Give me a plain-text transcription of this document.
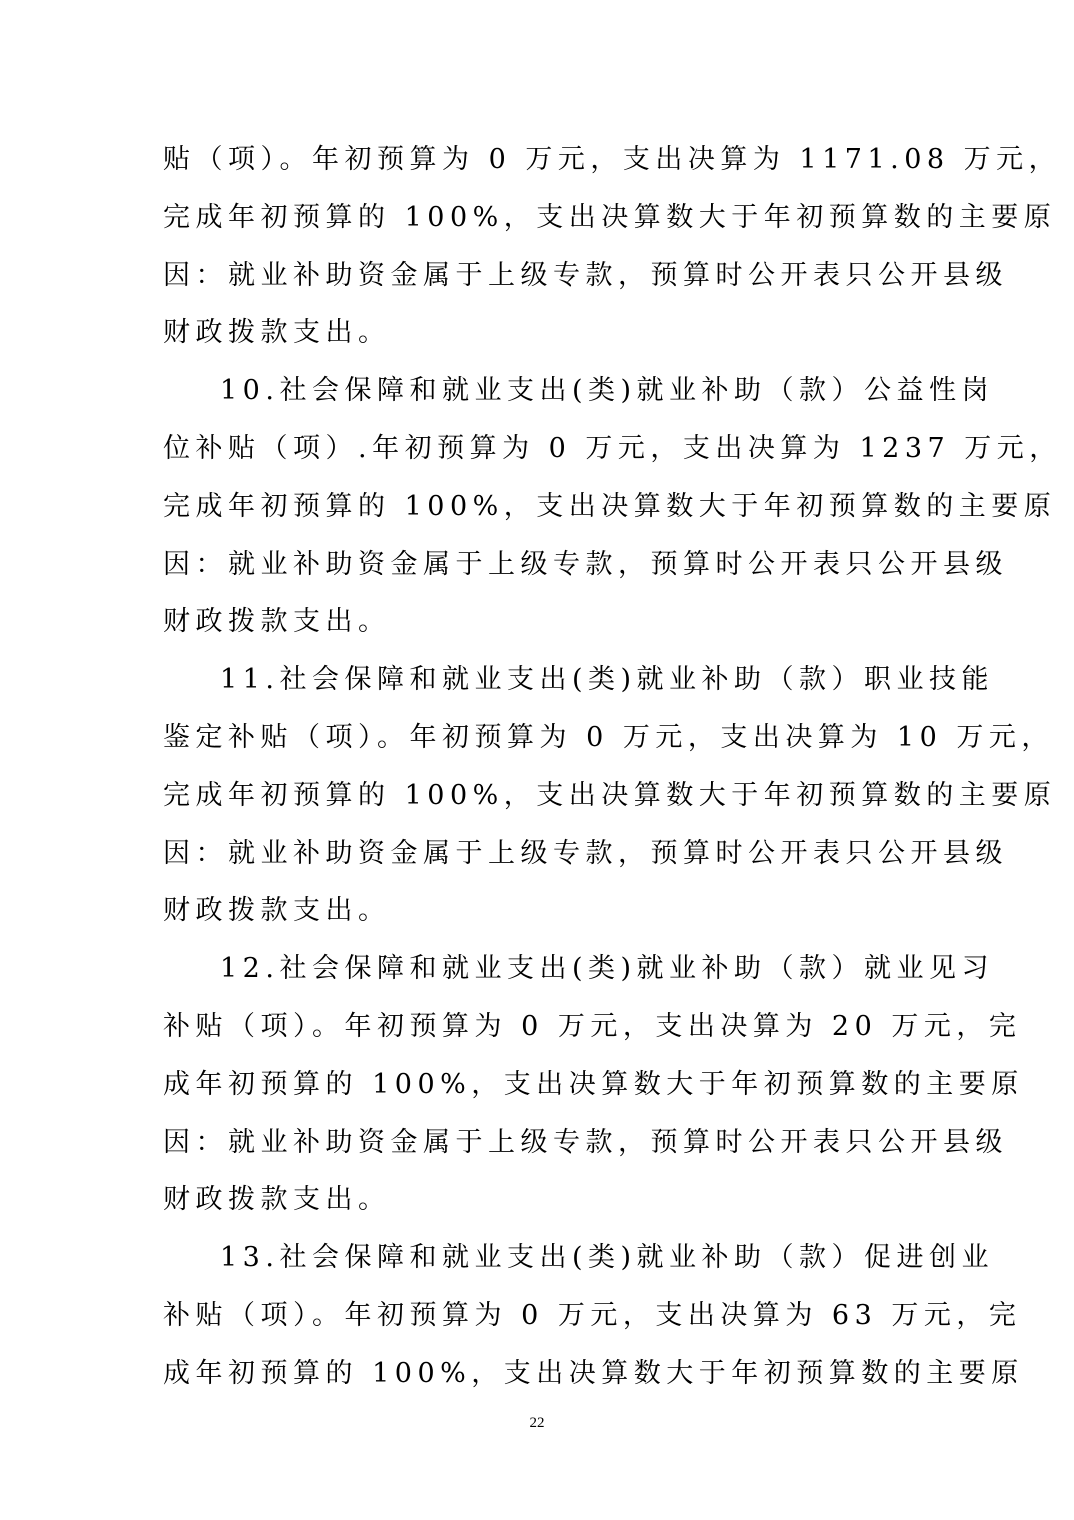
贴（项）。年初预算为 0 万元，支出决算为 1171.08 万元，
完成年初预算的 100%，支出决算数大于年初预算数的主要原
因：就业补助资金属于上级专款，预算时公开表只公开县级
财政拨款支出。
10.社会保障和就业支出(类)就业补助（款）公益性岗
位补贴（项）.年初预算为 0 万元，支出决算为 1237 万元，
完成年初预算的 100%，支出决算数大于年初预算数的主要原
因：就业补助资金属于上级专款，预算时公开表只公开县级
财政拨款支出。
11.社会保障和就业支出(类)就业补助（款）职业技能
鉴定补贴（项）。年初预算为 0 万元，支出决算为 10 万元，
完成年初预算的 100%，支出决算数大于年初预算数的主要原
因：就业补助资金属于上级专款，预算时公开表只公开县级
财政拨款支出。
12.社会保障和就业支出(类)就业补助（款）就业见习
补贴（项）。年初预算为 0 万元，支出决算为 20 万元，完
成年初预算的 100%，支出决算数大于年初预算数的主要原
因：就业补助资金属于上级专款，预算时公开表只公开县级
财政拨款支出。
13.社会保障和就业支出(类)就业补助（款）促进创业
补贴（项）。年初预算为 0 万元，支出决算为 63 万元，完
成年初预算的 100%，支出决算数大于年初预算数的主要原
22
